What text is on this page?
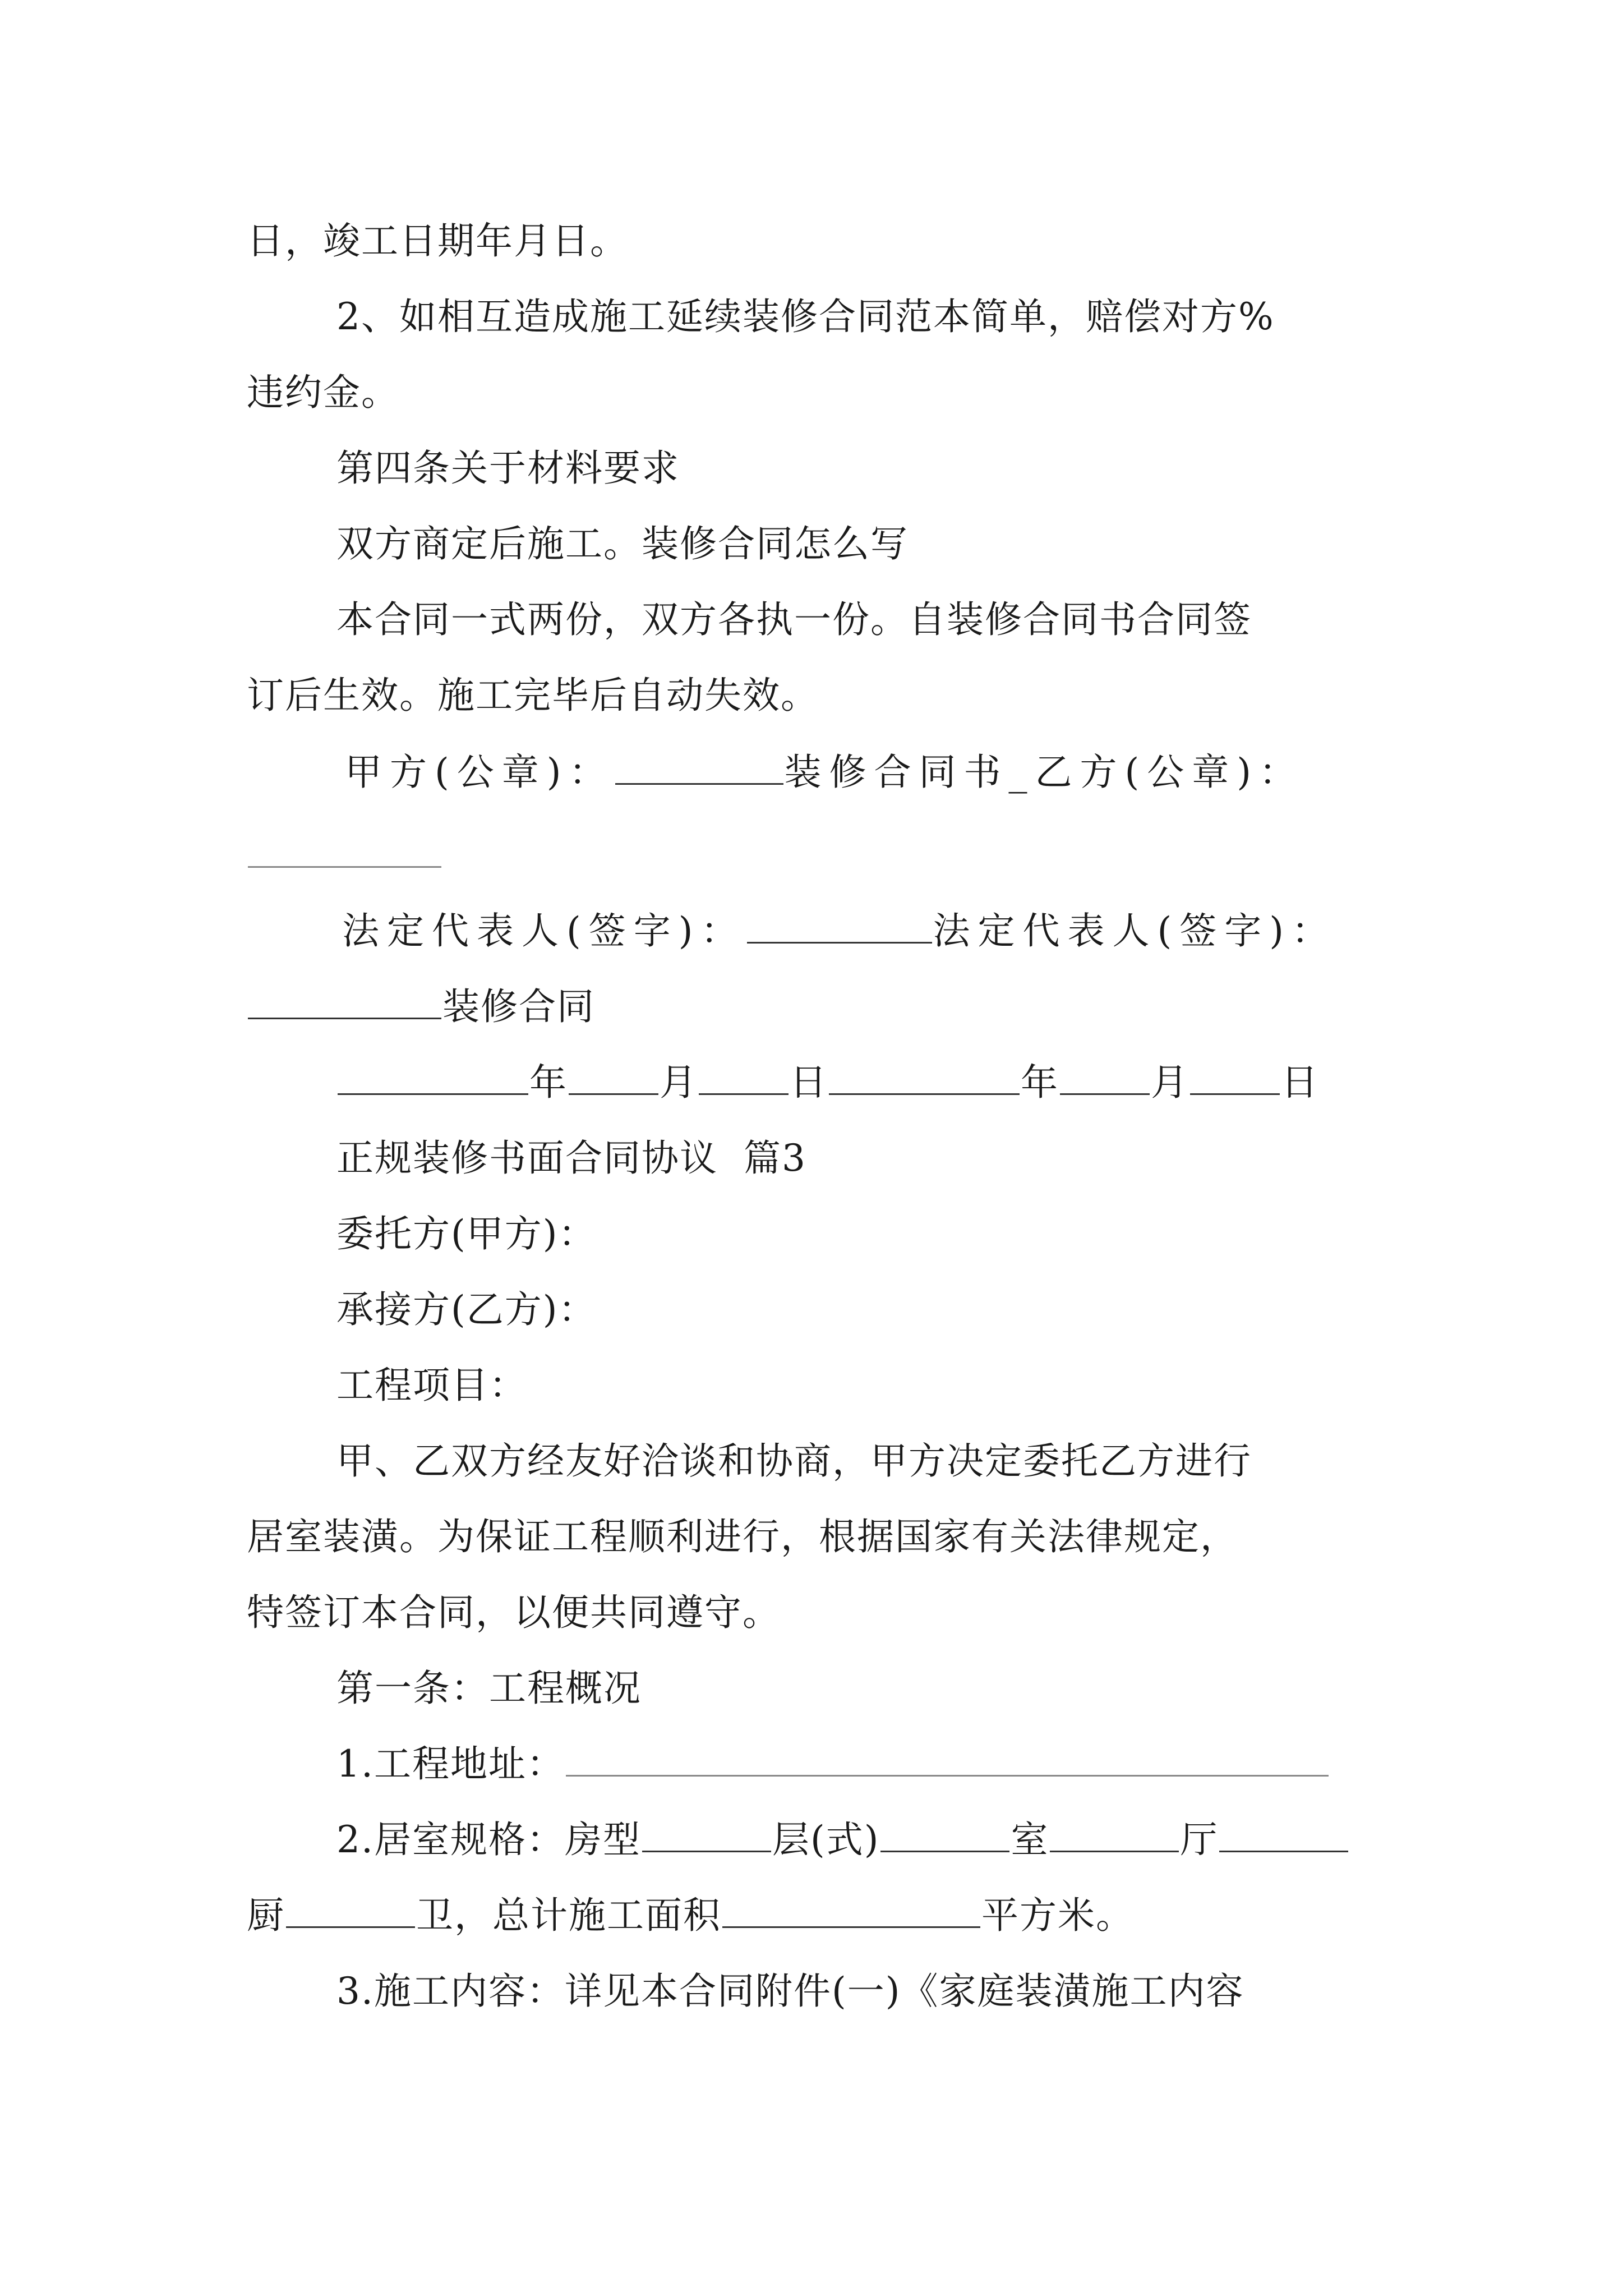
日，竣工日期年月日。
2、如相互造成施工延续装修合同范本简单，赔偿对方%
违约金。
第四条关于材料要求
双方商定后施工。装修合同怎么写
本合同一式两份，双方各执一份。自装修合同书合同签
订后生效。施工完毕后自动失效。
甲方(公章)：	装修合同书_乙方(公章)：
法定代表人(签字)：	法定代表人(签字)：
装修合同
年 月 日	年 月 日
正规装修书面合同协议  篇3
委托方(甲方)：
承接方(乙方)：
工程项目：
甲、乙双方经友好洽谈和协商，甲方决定委托乙方进行
居室装潢。为保证工程顺利进行，根据国家有关法律规定，
特签订本合同，以便共同遵守。
第一条：工程概况
1.工程地址：
2.居室规格：房型	层(式)	室	厅
厨	卫，总计施工面积	平方米。
3.施工内容：详见本合同附件(一)《家庭装潢施工内容
